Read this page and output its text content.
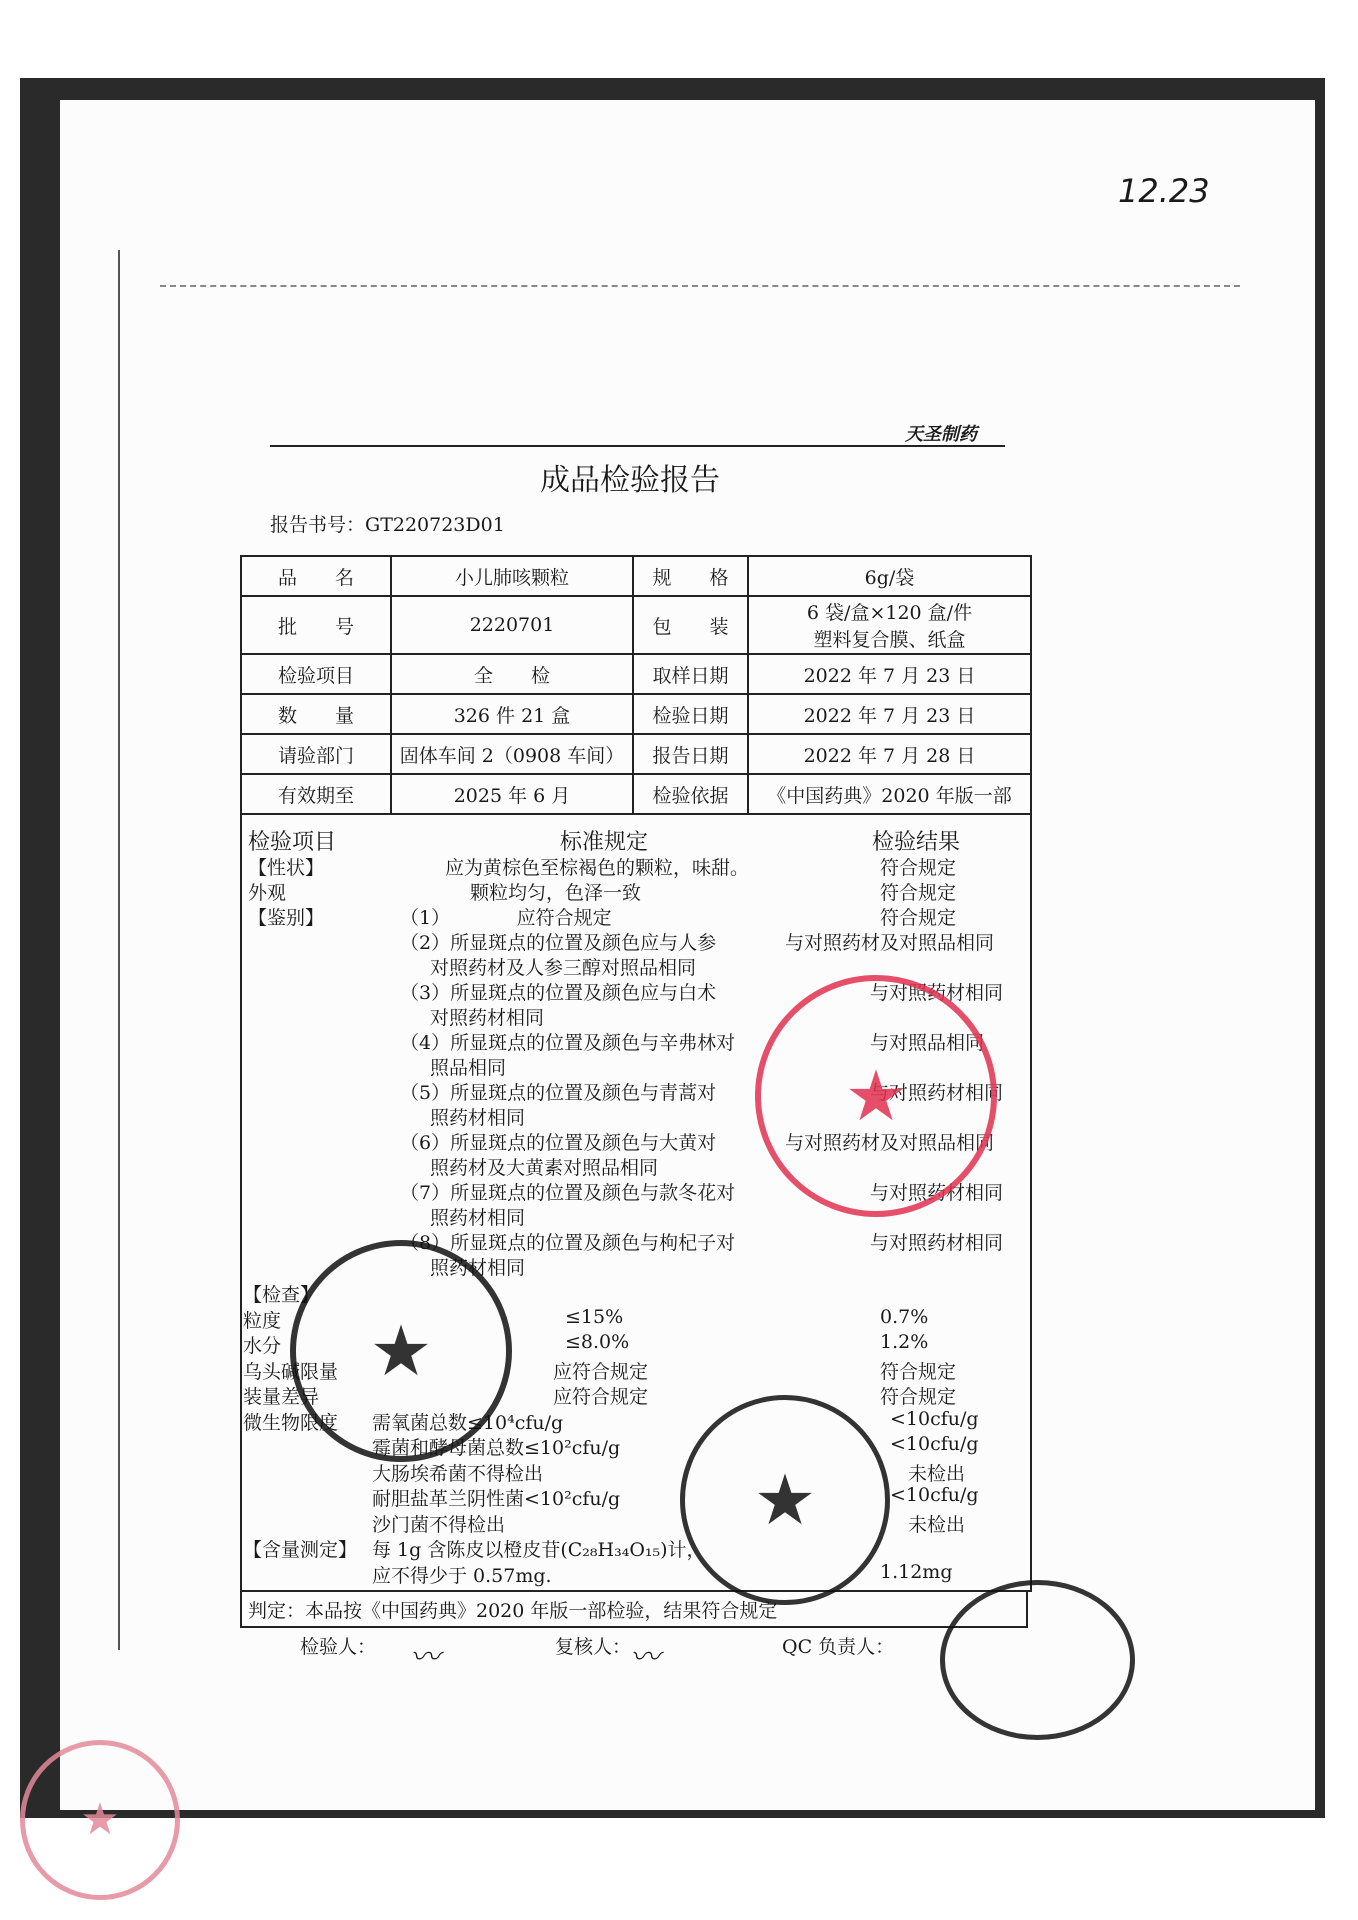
12.23
天圣制药
成品检验报告
报告书号：GT220723D01
品　　名	小儿肺咳颗粒	规　　格	6g/袋
批　　号	2220701	包　　装	6 袋/盒×120 盒/件
塑料复合膜、纸盒

检验项目	全　　检	取样日期	2022 年 7 月 23 日
数　　量	326 件 21 盒	检验日期	2022 年 7 月 23 日
请验部门	固体车间 2（0908 车间）	报告日期	2022 年 7 月 28 日
有效期至	2025 年 6 月	检验依据	《中国药典》2020 年版一部
检验项目	标准规定	检验结果
【性状】	应为黄棕色至棕褐色的颗粒，味甜。	符合规定
外观	颗粒均匀，色泽一致	符合规定
【鉴别】	（1）　　　　应符合规定	符合规定
（2）所显斑点的位置及颜色应与人参	与对照药材及对照品相同
对照药材及人参三醇对照品相同
（3）所显斑点的位置及颜色应与白术	与对照药材相同
对照药材相同
（4）所显斑点的位置及颜色与辛弗林对	与对照品相同
照品相同
（5）所显斑点的位置及颜色与青蒿对	与对照药材相同
照药材相同
（6）所显斑点的位置及颜色与大黄对	与对照药材及对照品相同
照药材及大黄素对照品相同
（7）所显斑点的位置及颜色与款冬花对	与对照药材相同
照药材相同
（8）所显斑点的位置及颜色与枸杞子对	与对照药材相同
照药材相同
【检查】
粒度	≤15%	0.7%
水分	≤8.0%	1.2%
乌头碱限量	应符合规定	符合规定
装量差异	应符合规定	符合规定
微生物限度 需氧菌总数≤10⁴cfu/g	<10cfu/g
霉菌和酵母菌总数≤10²cfu/g	<10cfu/g
大肠埃希菌不得检出	未检出
耐胆盐革兰阴性菌<10²cfu/g	<10cfu/g
沙门菌不得检出	未检出
【含量测定】 每 1g 含陈皮以橙皮苷(C₂₈H₃₄O₁₅)计，
应不得少于 0.57mg.	1.12mg
判定：本品按《中国药典》2020 年版一部检验，结果符合规定
检验人：	复核人：	QC 负责人：
〰	〰
★
★
★
★
